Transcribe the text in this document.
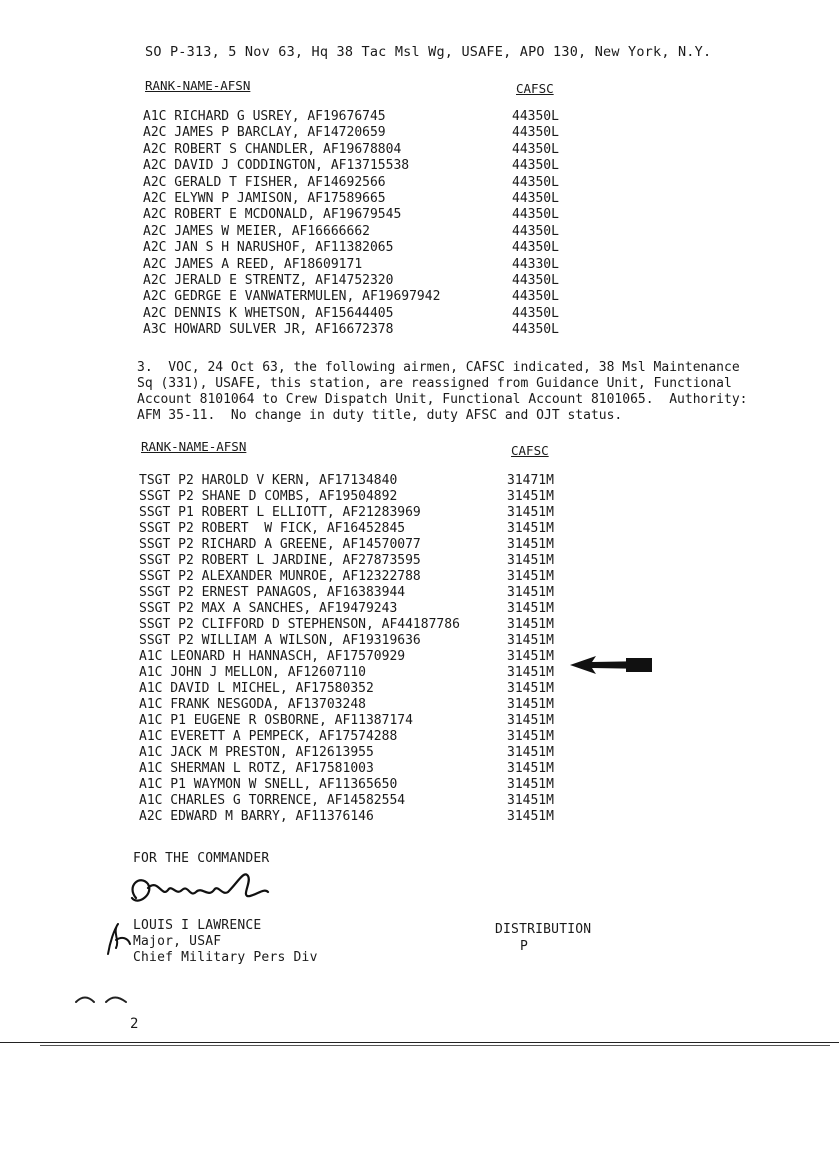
SO P-313, 5 Nov 63, Hq 38 Tac Msl Wg, USAFE, APO 130, New York, N.Y.
RANK-NAME-AFSN	CAFSC
A1C RICHARD G USREY, AF19676745	44350L
A2C JAMES P BARCLAY, AF14720659	44350L
A2C ROBERT S CHANDLER, AF19678804	44350L
A2C DAVID J CODDINGTON, AF13715538	44350L
A2C GERALD T FISHER, AF14692566	44350L
A2C ELYWN P JAMISON, AF17589665	44350L
A2C ROBERT E MCDONALD, AF19679545	44350L
A2C JAMES W MEIER, AF16666662	44350L
A2C JAN S H NARUSHOF, AF11382065	44350L
A2C JAMES A REED, AF18609171	44330L
A2C JERALD E STRENTZ, AF14752320	44350L
A2C GEDRGE E VANWATERMULEN, AF19697942	44350L
A2C DENNIS K WHETSON, AF15644405	44350L
A3C HOWARD SULVER JR, AF16672378	44350L
3.  VOC, 24 Oct 63, the following airmen, CAFSC indicated, 38 Msl Maintenance
Sq (331), USAFE, this station, are reassigned from Guidance Unit, Functional
Account 8101064 to Crew Dispatch Unit, Functional Account 8101065.  Authority:
AFM 35-11.  No change in duty title, duty AFSC and OJT status.
RANK-NAME-AFSN	CAFSC
TSGT P2 HAROLD V KERN, AF17134840	31471M
SSGT P2 SHANE D COMBS, AF19504892	31451M
SSGT P1 ROBERT L ELLIOTT, AF21283969	31451M
SSGT P2 ROBERT  W FICK, AF16452845	31451M
SSGT P2 RICHARD A GREENE, AF14570077	31451M
SSGT P2 ROBERT L JARDINE, AF27873595	31451M
SSGT P2 ALEXANDER MUNROE, AF12322788	31451M
SSGT P2 ERNEST PANAGOS, AF16383944	31451M
SSGT P2 MAX A SANCHES, AF19479243	31451M
SSGT P2 CLIFFORD D STEPHENSON, AF44187786	31451M
SSGT P2 WILLIAM A WILSON, AF19319636	31451M
A1C LEONARD H HANNASCH, AF17570929	31451M
A1C JOHN J MELLON, AF12607110	31451M
A1C DAVID L MICHEL, AF17580352	31451M
A1C FRANK NESGODA, AF13703248	31451M
A1C P1 EUGENE R OSBORNE, AF11387174	31451M
A1C EVERETT A PEMPECK, AF17574288	31451M
A1C JACK M PRESTON, AF12613955	31451M
A1C SHERMAN L ROTZ, AF17581003	31451M
A1C P1 WAYMON W SNELL, AF11365650	31451M
A1C CHARLES G TORRENCE, AF14582554	31451M
A2C EDWARD M BARRY, AF11376146	31451M
FOR THE COMMANDER
LOUIS I LAWRENCE
Major, USAF
Chief Military Pers Div
DISTRIBUTION
P
2
